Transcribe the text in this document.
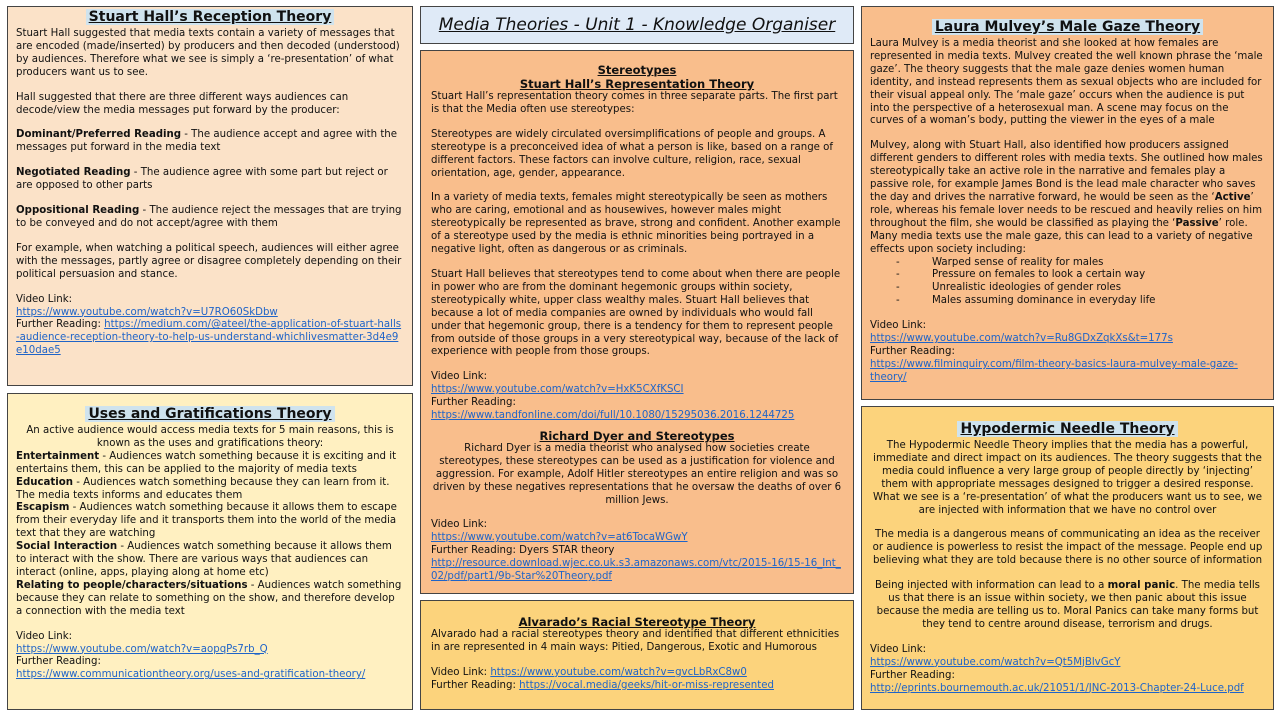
Stuart Hall’s Reception Theory

Stuart Hall suggested that media texts contain a variety of messages that are encoded (made/inserted) by producers and then decoded (understood) by audiences. Therefore what we see is simply a ‘re-presentation’ of what producers want us to see.

Hall suggested that there are three different ways audiences can decode/view the media messages put forward by the producer:

Dominant/Preferred Reading - The audience accept and agree with the messages put forward in the media text

Negotiated Reading - The audience agree with some part but reject or are opposed to other parts

Oppositional Reading - The audience reject the messages that are trying to be conveyed and do not accept/agree with them

For example, when watching a political speech, audiences will either agree with the messages, partly agree or disagree completely depending on their political persuasion and stance.

Video Link:

https://www.youtube.com/watch?v=U7RO60SkDbw

Further Reading: https://medium.com/@ateel/the-application-of-stuart-halls-audience-reception-theory-to-help-us-understand-whichlivesmatter-3d4e9e10dae5

Uses and Gratifications Theory

An active audience would access media texts for 5 main reasons, this is known as the uses and gratifications theory:

Entertainment - Audiences watch something because it is exciting and it entertains them, this can be applied to the majority of media texts

Education - Audiences watch something because they can learn from it. The media texts informs and educates them

Escapism - Audiences watch something because it allows them to escape from their everyday life and it transports them into the world of the media text that they are watching

Social Interaction - Audiences watch something because it allows them to interact with the show. There are various ways that audiences can interact (online, apps, playing along at home etc)

Relating to people/characters/situations - Audiences watch something because they can relate to something on the show, and therefore develop a connection with the media text

Video Link:

https://www.youtube.com/watch?v=aopqPs7rb_Q

Further Reading:

https://www.communicationtheory.org/uses-and-gratification-theory/

Media Theories - Unit 1 - Knowledge Organiser
Stereotypes
Stuart Hall’s Representation Theory

Stuart Hall’s representation theory comes in three separate parts. The first part is that the Media often use stereotypes:

Stereotypes are widely circulated oversimplifications of people and groups. A stereotype is a preconceived idea of what a person is like, based on a range of different factors. These factors can involve culture, religion, race, sexual orientation, age, gender, appearance.

In a variety of media texts, females might stereotypically be seen as mothers who are caring, emotional and as housewives, however males might stereotypically be represented as brave, strong and confident. Another example of a stereotype used by the media is ethnic minorities being portrayed in a negative light, often as dangerous or as criminals.

Stuart Hall believes that stereotypes tend to come about when there are people in power who are from the dominant hegemonic groups within society, stereotypically white, upper class wealthy males. Stuart Hall believes that because a lot of media companies are owned by individuals who would fall under that hegemonic group, there is a tendency for them to represent people from outside of those groups in a very stereotypical way, because of the lack of experience with people from those groups.

Video Link:

https://www.youtube.com/watch?v=HxK5CXfKSCI

Further Reading:

https://www.tandfonline.com/doi/full/10.1080/15295036.2016.1244725

Richard Dyer and Stereotypes

Richard Dyer is a media theorist who analysed how societies create stereotypes, these stereotypes can be used as a justification for violence and aggression. For example, Adolf Hitler stereotypes an entire religion and was so driven by these negatives representations that he oversaw the deaths of over 6 million Jews.

Video Link:

https://www.youtube.com/watch?v=at6TocaWGwY

Further Reading: Dyers STAR theory

http://resource.download.wjec.co.uk.s3.amazonaws.com/vtc/2015-16/15-16_Int_02/pdf/part1/9b-Star%20Theory.pdf

Alvarado’s Racial Stereotype Theory

Alvarado had a racial stereotypes theory and identified that different ethnicities in are represented in 4 main ways: Pitied, Dangerous, Exotic and Humorous

Video Link: https://www.youtube.com/watch?v=gvcLbRxC8w0

Further Reading: https://vocal.media/geeks/hit-or-miss-represented

Laura Mulvey’s Male Gaze Theory

Laura Mulvey is a media theorist and she looked at how females are represented in media texts. Mulvey created the well known phrase the ‘male gaze’. The theory suggests that the male gaze denies women human identity, and instead represents them as sexual objects who are included for their visual appeal only. The ‘male gaze’ occurs when the audience is put into the perspective of a heterosexual man. A scene may focus on the curves of a woman’s body, putting the viewer in the eyes of a male

Mulvey, along with Stuart Hall, also identified how producers assigned different genders to different roles with media texts. She outlined how males stereotypically take an active role in the narrative and females play a passive role, for example James Bond is the lead male character who saves the day and drives the narrative forward, he would be seen as the ‘Active’ role, whereas his female lover needs to be rescued and heavily relies on him throughout the film, she would be classified as playing the ‘Passive’ role. Many media texts use the male gaze, this can lead to a variety of negative effects upon society including:

-	Warped sense of reality for males
-	Pressure on females to look a certain way
-	Unrealistic ideologies of gender roles
-	Males assuming dominance in everyday life

Video Link:

https://www.youtube.com/watch?v=Ru8GDxZqkXs&t=177s

Further Reading:

https://www.filminquiry.com/film-theory-basics-laura-mulvey-male-gaze-theory/

Hypodermic Needle Theory

The Hypodermic Needle Theory implies that the media has a powerful, immediate and direct impact on its audiences. The theory suggests that the media could influence a very large group of people directly by ‘injecting’ them with appropriate messages designed to trigger a desired response. What we see is a ‘re-presentation’ of what the producers want us to see, we are injected with information that we have no control over

The media is a dangerous means of communicating an idea as the receiver or audience is powerless to resist the impact of the message. People end up believing what they are told because there is no other source of information

Being injected with information can lead to a moral panic. The media tells us that there is an issue within society, we then panic about this issue because the media are telling us to. Moral Panics can take many forms but they tend to centre around disease, terrorism and drugs.

Video Link:

https://www.youtube.com/watch?v=Qt5MjBlvGcY

Further Reading:

http://eprints.bournemouth.ac.uk/21051/1/JNC-2013-Chapter-24-Luce.pdf
